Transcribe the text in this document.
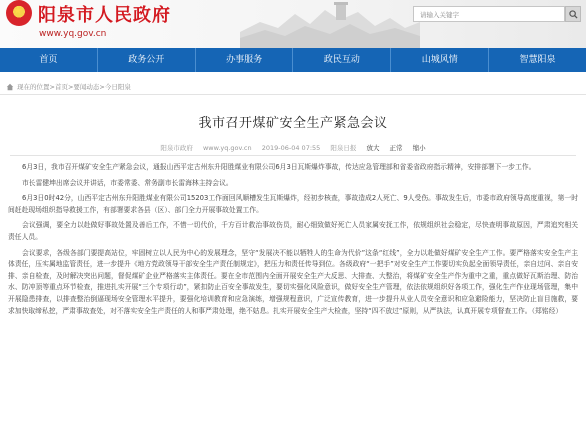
★
阳泉市人民政府
www.yq.gov.cn
请输入关键字
首页	政务公开	办事服务	政民互动	山城风情	智慧阳泉
现在的位置 > 首页 > 要闻动态 > 今日阳泉
我市召开煤矿安全生产紧急会议
阳泉市政府 www.yq.gov.cn 2019-06-04 07:55 阳泉日报 放大 正常 缩小

6月3日，我市召开煤矿安全生产紧急会议，通报山西平定古州东升阳胜煤业有限公司6月3日瓦斯爆炸事故，传达应急管理部和省委省政府指示精神，安排部署下一步工作。

市长雷健坤出席会议并讲话，市委常委、常务副市长雷海林主持会议。

6月3日0时42分，山西平定古州东升阳胜煤业有限公司15203工作面回风顺槽发生瓦斯爆炸，经初步核查，事故造成2人死亡、9人受伤。事故发生后，市委市政府领导高度重视，第一时间赶赴现场组织指导救援工作，有部署要求各县（区）、部门全力开展事故处置工作。

会议强调，要全力以赴做好事故处置及善后工作，不惜一切代价，千方百计救治事故伤员，耐心细致做好死亡人员家属安抚工作，依规组织社会稳定，尽快查明事故原因，严肃追究相关责任人员。

会议要求，各级各部门要提高站位，牢固树立以人民为中心的发展理念，坚守“发展决不能以牺牲人的生命为代价”这条“红线”，全力以赴做好煤矿安全生产工作。要严格落实安全生产主体责任，压实属地监管责任，进一步提升《地方党政领导干部安全生产责任制规定》，把压力和责任传导到位。各级政府“一把手”对安全生产工作要切实负起全面领导责任，亲自过问、亲自安排、亲自检查，及时解决突出问题，督促煤矿企业严格落实主体责任。要在全市范围内全面开展安全生产大反思、大排查、大整治，将煤矿安全生产作为重中之重，重点做好瓦斯治理、防治水、防冲顶等重点环节检查，推进扎实开展“三个专项行动”，紧扣防止百安全事故发生，要切实强化风险意识，做好安全生产管理，依法依规组织好各项工作，强化生产作业现场管理，集中开展隐患排查，以排查整治倒逼现场安全管理水平提升，要强化培训教育和应急演练，增强规程意识，广泛宣传教育，进一步提升从业人员安全意识和应急避险能力，坚决防止盲目施救，要求加快取缔私挖，严肃事故查处，对不落实安全生产责任的人和事严肃处理，绝不姑息。扎实开展安全生产大检查，坚持“四不放过”原则，从严执法，认真开展专项督查工作。（郑铭经）
